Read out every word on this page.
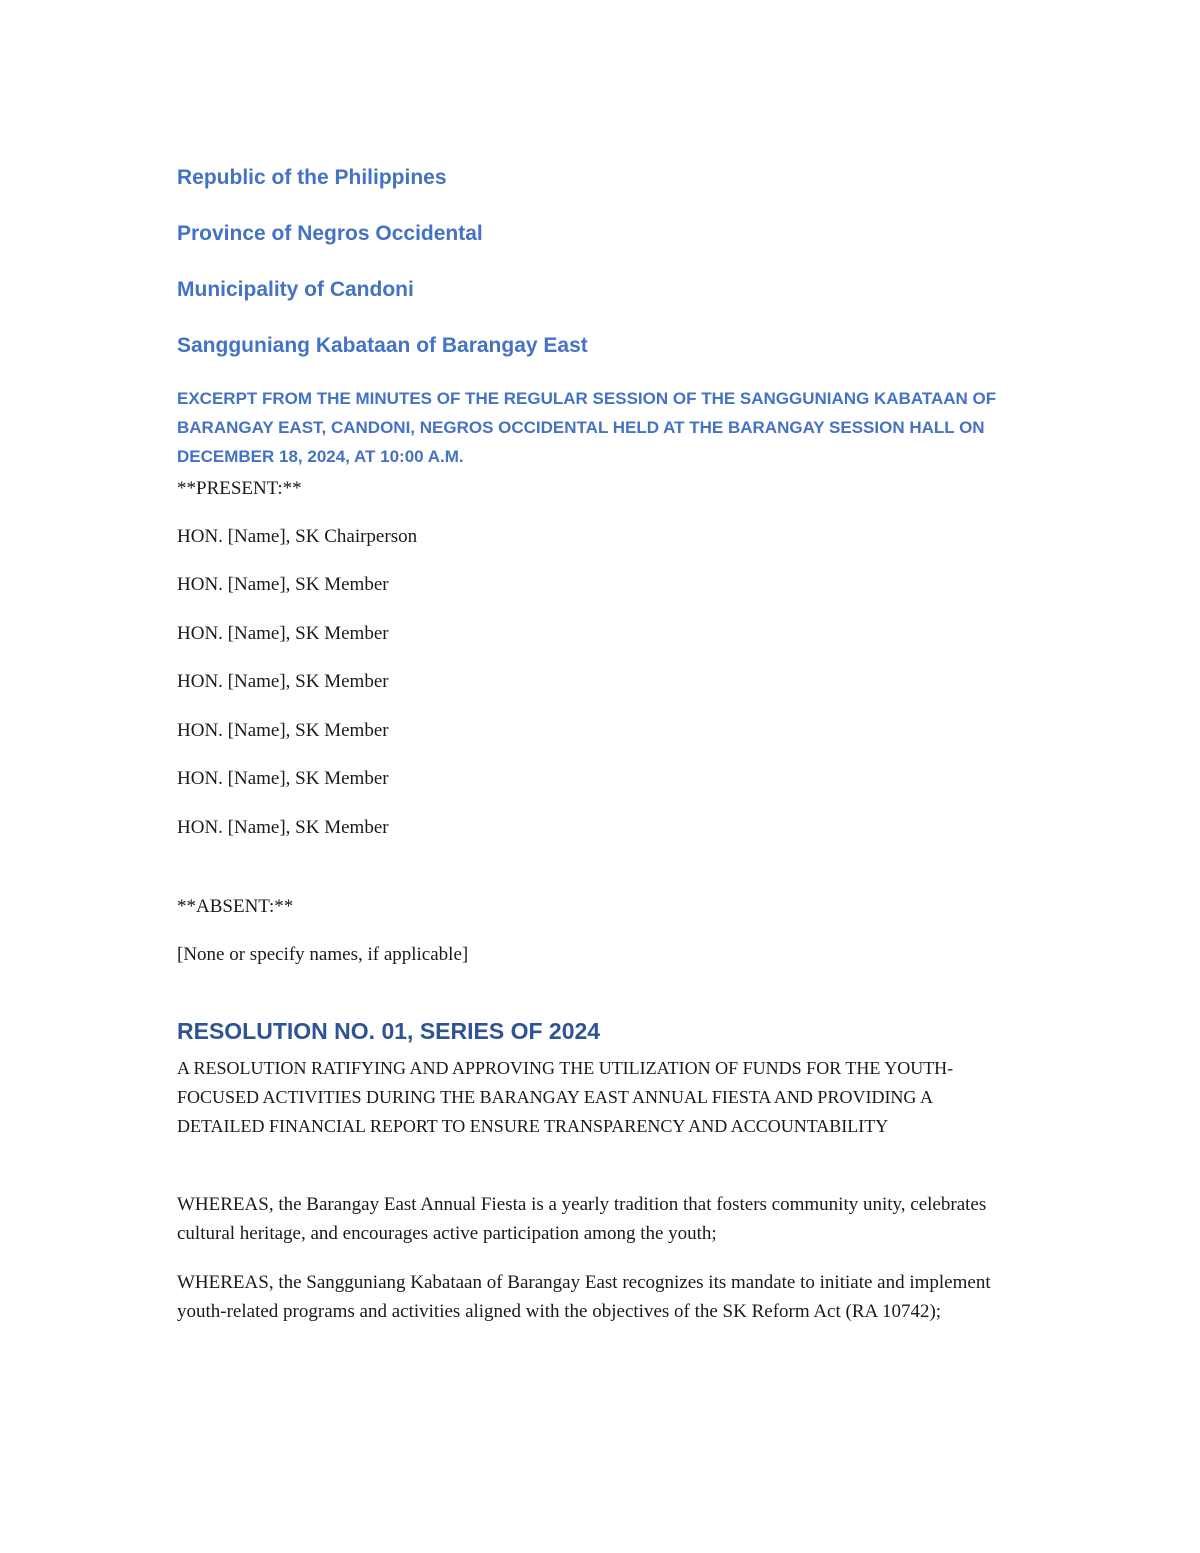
Republic of the Philippines
Province of Negros Occidental
Municipality of Candoni
Sangguniang Kabataan of Barangay East

EXCERPT FROM THE MINUTES OF THE REGULAR SESSION OF THE SANGGUNIANG KABATAAN OF BARANGAY EAST, CANDONI, NEGROS OCCIDENTAL HELD AT THE BARANGAY SESSION HALL ON DECEMBER 18, 2024, AT 10:00 A.M.

**PRESENT:**
HON. [Name], SK Chairperson
HON. [Name], SK Member
HON. [Name], SK Member
HON. [Name], SK Member
HON. [Name], SK Member
HON. [Name], SK Member
HON. [Name], SK Member
**ABSENT:**
[None or specify names, if applicable]
RESOLUTION NO. 01, SERIES OF 2024

A RESOLUTION RATIFYING AND APPROVING THE UTILIZATION OF FUNDS FOR THE YOUTH-FOCUSED ACTIVITIES DURING THE BARANGAY EAST ANNUAL FIESTA AND PROVIDING A DETAILED FINANCIAL REPORT TO ENSURE TRANSPARENCY AND ACCOUNTABILITY

WHEREAS, the Barangay East Annual Fiesta is a yearly tradition that fosters community unity, celebrates cultural heritage, and encourages active participation among the youth;

WHEREAS, the Sangguniang Kabataan of Barangay East recognizes its mandate to initiate and implement youth-related programs and activities aligned with the objectives of the SK Reform Act (RA 10742);
